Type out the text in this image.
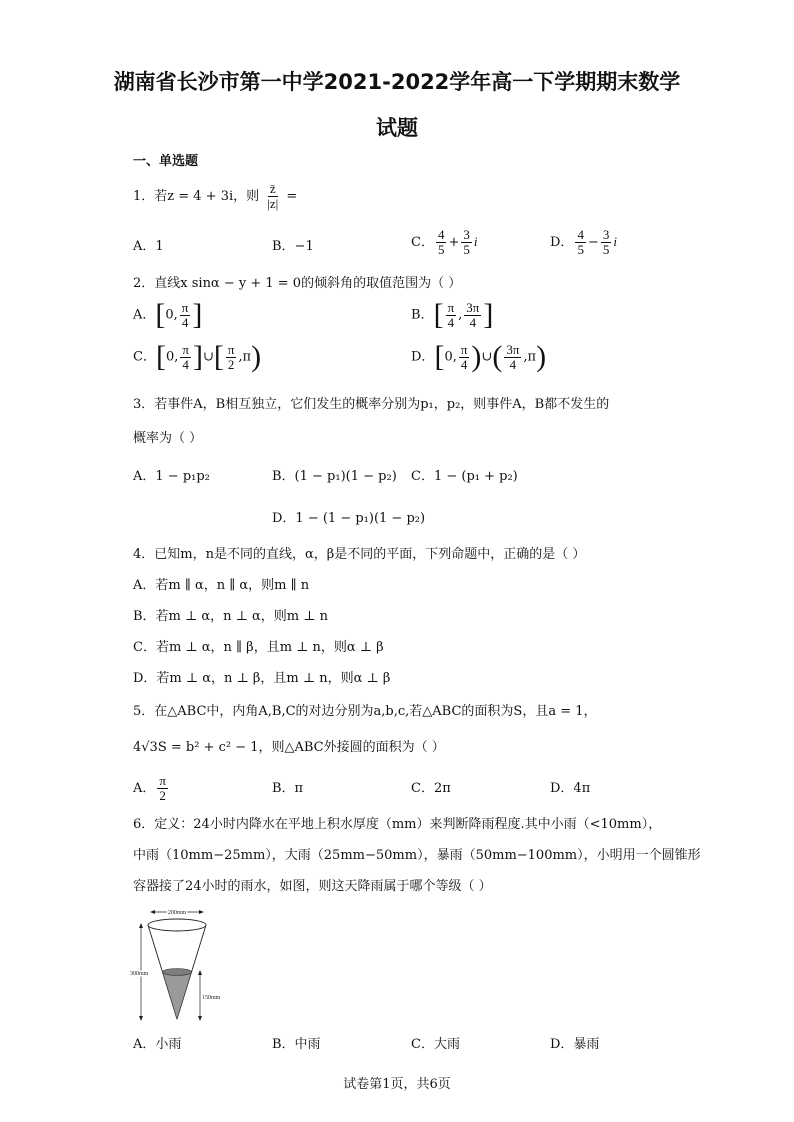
湖南省长沙市第一中学2021-2022学年高一下学期期末数学
试题
一、单选题
1．若z = 4 + 3i，则 $\frac{z̄}{|z|}$ =
A．1	B．−1	C． $\frac{4}{5} + \frac{3}{5}$ i	D． $\frac{4}{5} - \frac{3}{5}$ i
2．直线x sinα − y + 1 = 0的倾斜角的取值范围为（ ）
A．[0, $\frac{\pi}{4}$ ]	B．[ $\frac{\pi}{4}$ , $\frac{3\pi}{4}$ ]
C．[0, $\frac{\pi}{4}$ ]∪[ $\frac{\pi}{2} ,\pi$)	D．[0, $\frac{\pi}{4}$ )∪( $\frac{3\pi}{4} ,\pi$)
3．若事件A，B相互独立，它们发生的概率分别为p₁，p₂，则事件A，B都不发生的
概率为（ ）
A．1 − p₁p₂	B．(1 − p₁)(1 − p₂) C．1 − (p₁ + p₂)
D．1 − (1 − p₁)(1 − p₂)
4．已知m，n是不同的直线，α，β是不同的平面，下列命题中，正确的是（ ）
A．若m ∥ α，n ∥ α，则m ∥ n
B．若m ⊥ α，n ⊥ α，则m ⊥ n
C．若m ⊥ α，n ∥ β，且m ⊥ n，则α ⊥ β
D．若m ⊥ α，n ⊥ β，且m ⊥ n，则α ⊥ β
5．在△ABC中，内角A,B,C的对边分别为a,b,c,若△ABC的面积为S，且a = 1，
4√3S = b² + c² − 1，则△ABC外接圆的面积为（ ）
A． $\frac{\pi}{2}$	B．π	C．2π	D．4π
6．定义：24小时内降水在平地上积水厚度（mm）来判断降雨程度.其中小雨（<10mm），
中雨（10mm−25mm），大雨（25mm−50mm），暴雨（50mm−100mm），小明用一个圆锥形
容器接了24小时的雨水，如图，则这天降雨属于哪个等级（ ）
200mm
300mm
150mm
A．小雨	B．中雨	C．大雨	D．暴雨
试卷第1页，共6页
